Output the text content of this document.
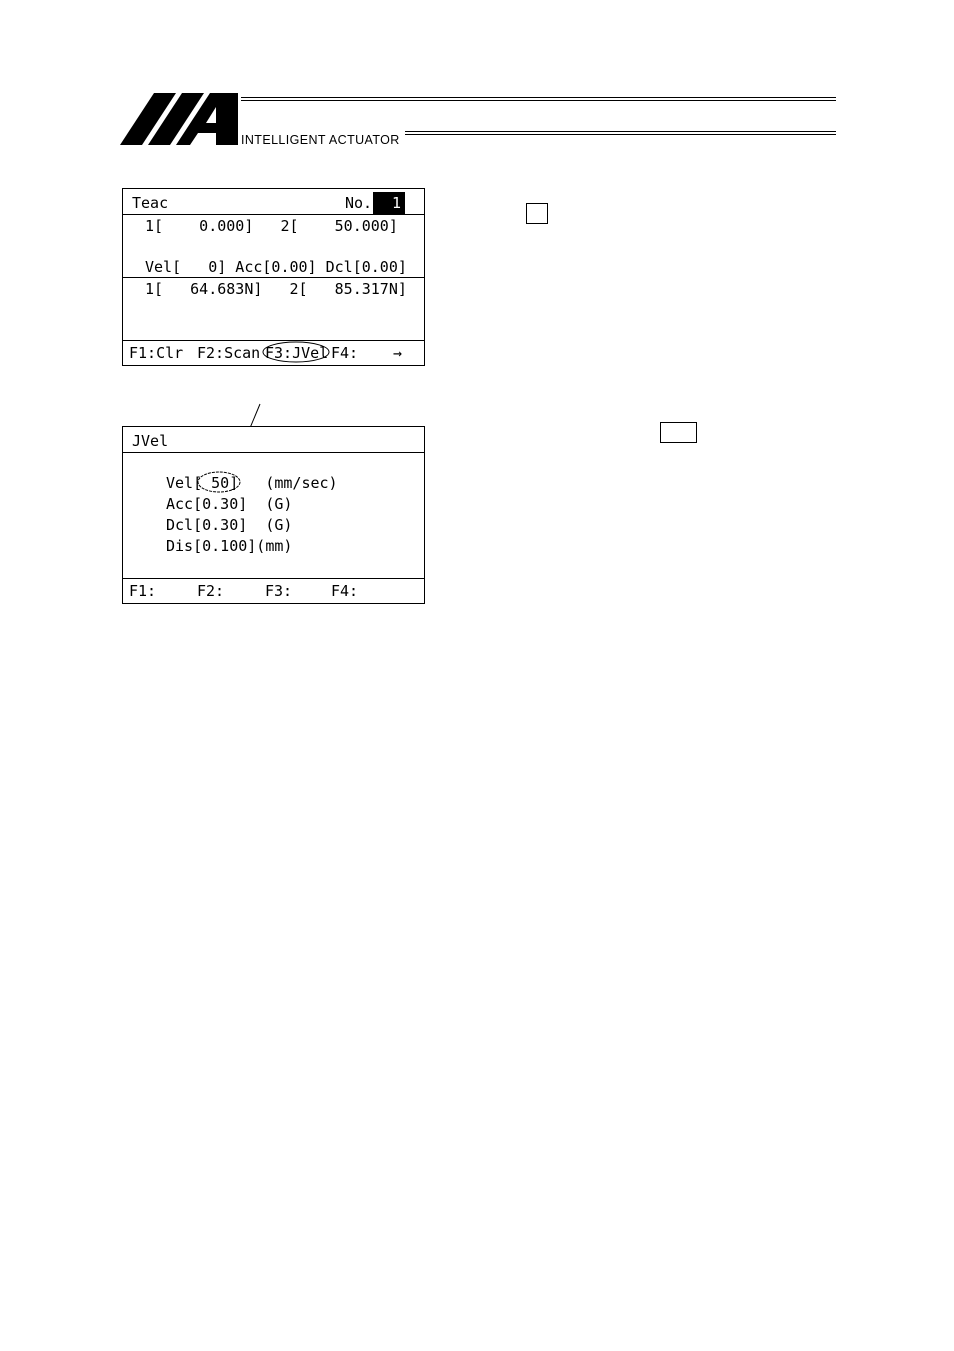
INTELLIGENT ACTUATOR
Teac	No.	1
1[    0.000]   2[    50.000]
Vel[   0] Acc[0.00] Dcl[0.00]
1[   64.683N]   2[   85.317N]
F1:Clr F2:Scan F3:JVel F4: →
JVel
Vel[ 50]   (mm/sec)
Acc[0.30]  (G)
Dcl[0.30]  (G)
Dis[0.100](mm)
F1:	F2:	F3:	F4:
